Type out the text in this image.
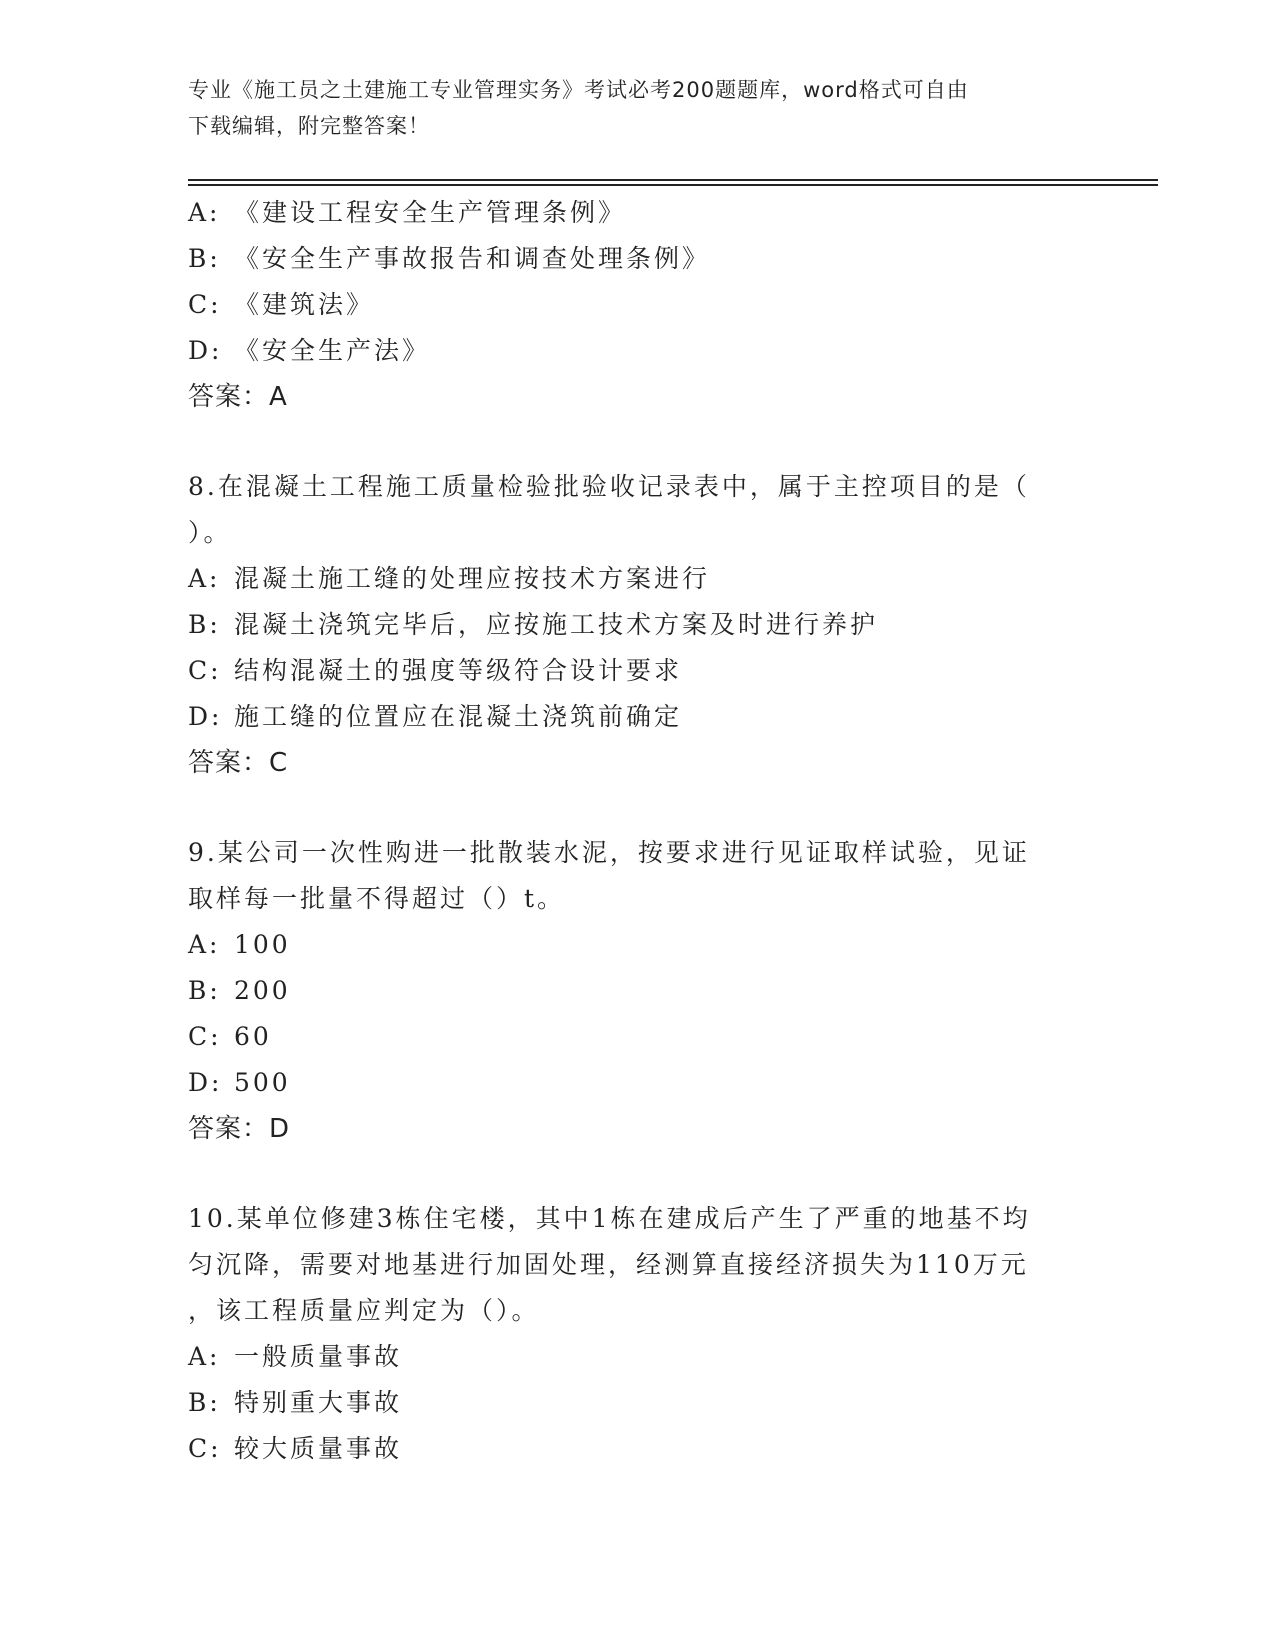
专业《施工员之土建施工专业管理实务》考试必考200题题库，word格式可自由
下载编辑，附完整答案！
A: 《建设工程安全生产管理条例》
B: 《安全生产事故报告和调查处理条例》
C: 《建筑法》
D: 《安全生产法》
答案：A
8.在混凝土工程施工质量检验批验收记录表中，属于主控项目的是（
）。
A: 混凝土施工缝的处理应按技术方案进行
B: 混凝土浇筑完毕后，应按施工技术方案及时进行养护
C: 结构混凝土的强度等级符合设计要求
D: 施工缝的位置应在混凝土浇筑前确定
答案：C
9.某公司一次性购进一批散装水泥，按要求进行见证取样试验，见证
取样每一批量不得超过（）t。
A: 100
B: 200
C: 60
D: 500
答案：D
10.某单位修建3栋住宅楼，其中1栋在建成后产生了严重的地基不均
匀沉降，需要对地基进行加固处理，经测算直接经济损失为110万元
，该工程质量应判定为（）。
A: 一般质量事故
B: 特别重大事故
C: 较大质量事故
